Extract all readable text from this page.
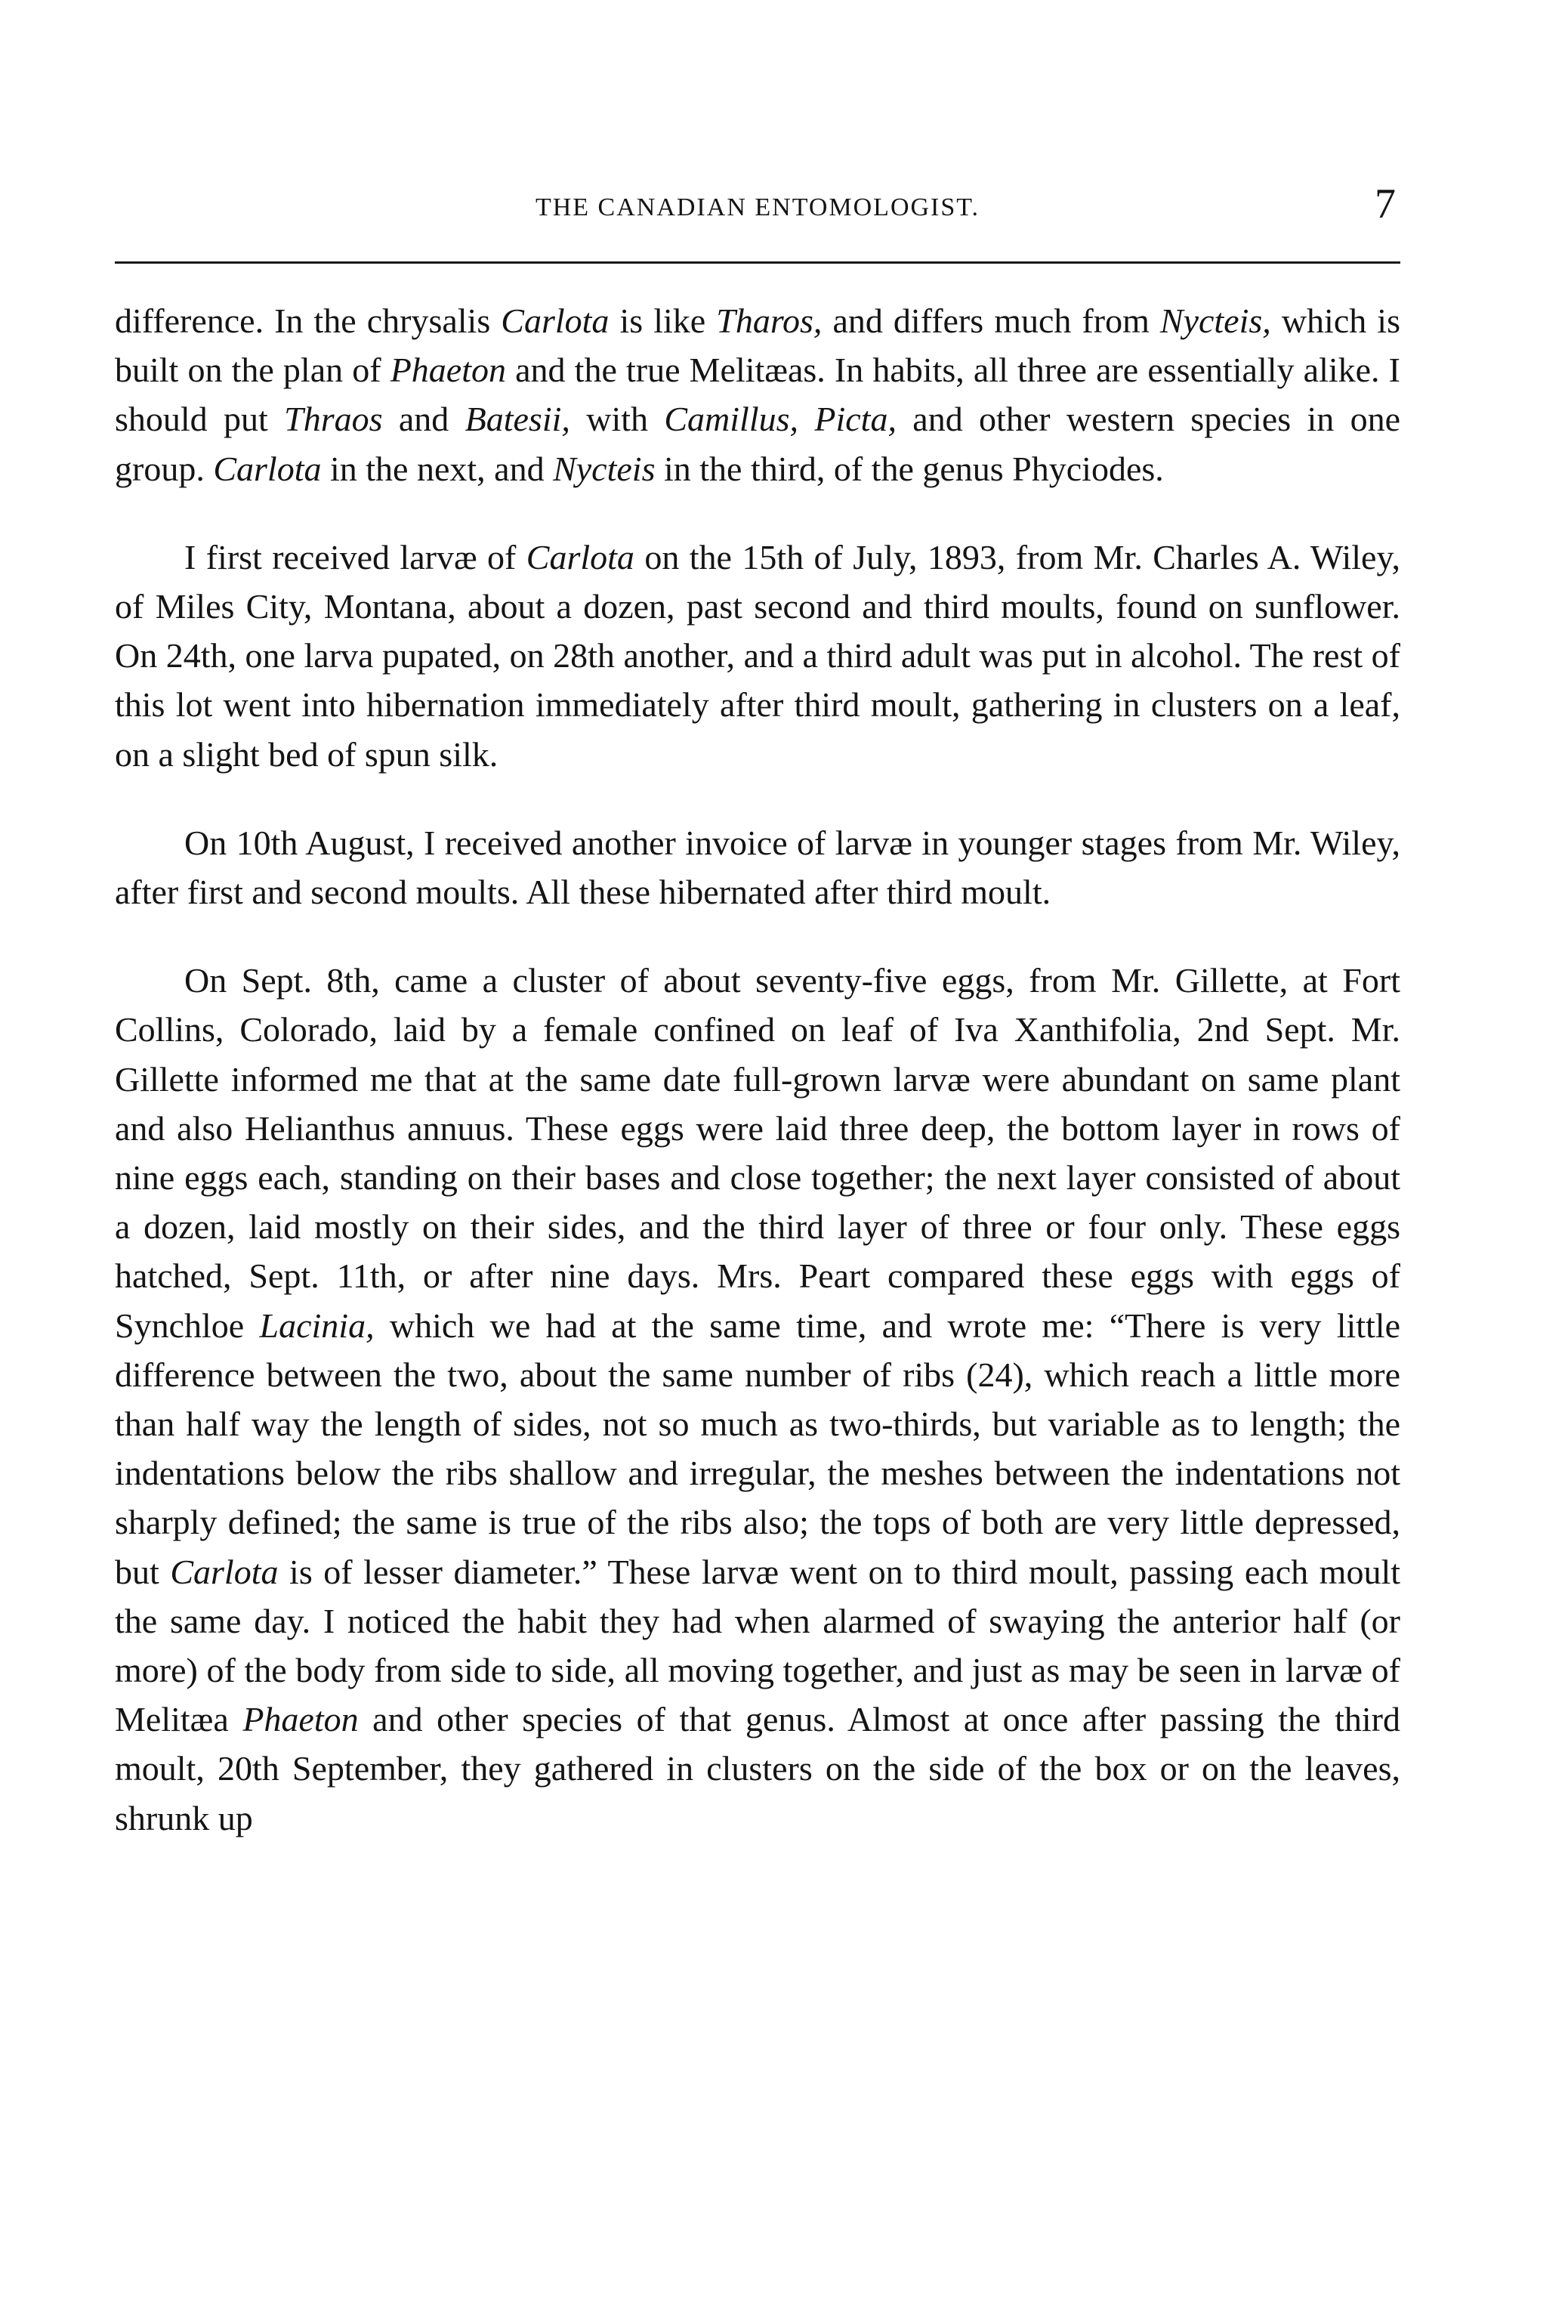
THE CANADIAN ENTOMOLOGIST.	7

difference. In the chrysalis Carlota is like Tharos, and differs much from Nycteis, which is built on the plan of Phaeton and the true Melitæas. In habits, all three are essentially alike. I should put Thraos and Batesii, with Camillus, Picta, and other western species in one group. Carlota in the next, and Nycteis in the third, of the genus Phyciodes.

I first received larvæ of Carlota on the 15th of July, 1893, from Mr. Charles A. Wiley, of Miles City, Montana, about a dozen, past second and third moults, found on sunflower. On 24th, one larva pupated, on 28th another, and a third adult was put in alcohol. The rest of this lot went into hibernation immediately after third moult, gathering in clusters on a leaf, on a slight bed of spun silk.

On 10th August, I received another invoice of larvæ in younger stages from Mr. Wiley, after first and second moults. All these hibernated after third moult.

On Sept. 8th, came a cluster of about seventy-five eggs, from Mr. Gillette, at Fort Collins, Colorado, laid by a female confined on leaf of Iva Xanthifolia, 2nd Sept. Mr. Gillette informed me that at the same date full-grown larvæ were abundant on same plant and also Helianthus annuus. These eggs were laid three deep, the bottom layer in rows of nine eggs each, standing on their bases and close together; the next layer consisted of about a dozen, laid mostly on their sides, and the third layer of three or four only. These eggs hatched, Sept. 11th, or after nine days. Mrs. Peart compared these eggs with eggs of Synchloe Lacinia, which we had at the same time, and wrote me: “There is very little difference between the two, about the same number of ribs (24), which reach a little more than half way the length of sides, not so much as two-thirds, but variable as to length; the indentations below the ribs shallow and irregular, the meshes between the indentations not sharply defined; the same is true of the ribs also; the tops of both are very little depressed, but Carlota is of lesser diameter.” These larvæ went on to third moult, passing each moult the same day. I noticed the habit they had when alarmed of swaying the anterior half (or more) of the body from side to side, all moving together, and just as may be seen in larvæ of Melitæa Phaeton and other species of that genus. Almost at once after passing the third moult, 20th September, they gathered in clusters on the side of the box or on the leaves, shrunk up
